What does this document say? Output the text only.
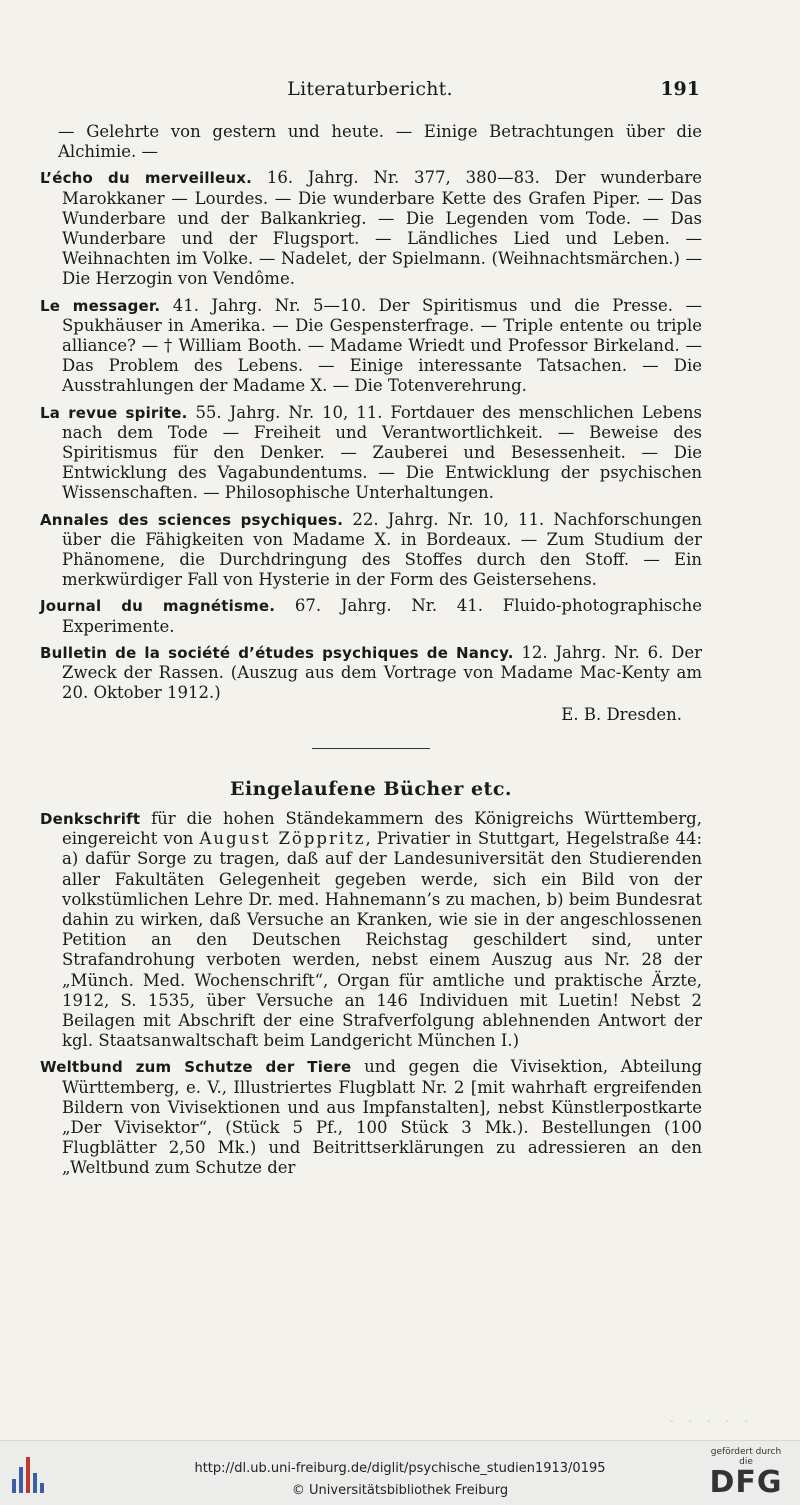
Literaturbericht.	191

— Gelehrte von gestern und heute. — Einige Betrachtungen über die Alchimie. —

L’écho du merveilleux. 16. Jahrg. Nr. 377, 380—83. Der wunderbare Marokkaner — Lourdes. — Die wunderbare Kette des Grafen Piper. — Das Wunderbare und der Balkankrieg. — Die Legenden vom Tode. — Das Wunderbare und der Flugsport. — Ländliches Lied und Leben. — Weihnachten im Volke. — Nadelet, der Spielmann. (Weihnachtsmärchen.) — Die Herzogin von Vendôme.

Le messager. 41. Jahrg. Nr. 5—10. Der Spiritismus und die Presse. — Spukhäuser in Amerika. — Die Gespensterfrage. — Triple entente ou triple alliance? — † William Booth. — Madame Wriedt und Professor Birkeland. — Das Problem des Lebens. — Einige interessante Tatsachen. — Die Ausstrahlungen der Madame X. — Die Totenverehrung.

La revue spirite. 55. Jahrg. Nr. 10, 11. Fortdauer des menschlichen Lebens nach dem Tode — Freiheit und Verantwortlichkeit. — Beweise des Spiritismus für den Denker. — Zauberei und Besessenheit. — Die Entwicklung des Vagabundentums. — Die Entwicklung der psychischen Wissenschaften. — Philosophische Unterhaltungen.

Annales des sciences psychiques. 22. Jahrg. Nr. 10, 11. Nachforschungen über die Fähigkeiten von Madame X. in Bordeaux. — Zum Studium der Phänomene, die Durchdringung des Stoffes durch den Stoff. — Ein merkwürdiger Fall von Hysterie in der Form des Geistersehens.

Journal du magnétisme. 67. Jahrg. Nr. 41. Fluido-photographische Experimente.

Bulletin de la société d’études psychiques de Nancy. 12. Jahrg. Nr. 6. Der Zweck der Rassen. (Auszug aus dem Vortrage von Madame Mac-Kenty am 20. Oktober 1912.)

E. B. Dresden.
Eingelaufene Bücher etc.

Denkschrift für die hohen Ständekammern des Königreichs Württemberg, eingereicht von August Zöppritz, Privatier in Stuttgart, Hegelstraße 44: a) dafür Sorge zu tragen, daß auf der Landesuniversität den Studierenden aller Fakultäten Gelegenheit gegeben werde, sich ein Bild von der volkstümlichen Lehre Dr. med. Hahnemann’s zu machen, b) beim Bundesrat dahin zu wirken, daß Versuche an Kranken, wie sie in der angeschlossenen Petition an den Deutschen Reichstag geschildert sind, unter Strafandrohung verboten werden, nebst einem Auszug aus Nr. 28 der „Münch. Med. Wochenschrift“, Organ für amtliche und praktische Ärzte, 1912, S. 1535, über Versuche an 146 Individuen mit Luetin! Nebst 2 Beilagen mit Abschrift der eine Strafverfolgung ablehnenden Antwort der kgl. Staatsanwaltschaft beim Landgericht München I.)

Weltbund zum Schutze der Tiere und gegen die Vivisektion, Abteilung Württemberg, e. V., Illustriertes Flugblatt Nr. 2 [mit wahrhaft ergreifenden Bildern von Vivisektionen und aus Impfanstalten], nebst Künstlerpostkarte „Der Vivisektor“, (Stück 5 Pf., 100 Stück 3 Mk.). Bestellungen (100 Flugblätter 2,50 Mk.) und Beitrittserklärungen zu adressieren an den „Weltbund zum Schutze der

- - - - -
http://dl.ub.uni-freiburg.de/diglit/psychische_studien1913/0195
© Universitätsbibliothek Freiburg
gefördert durch die
DFG
